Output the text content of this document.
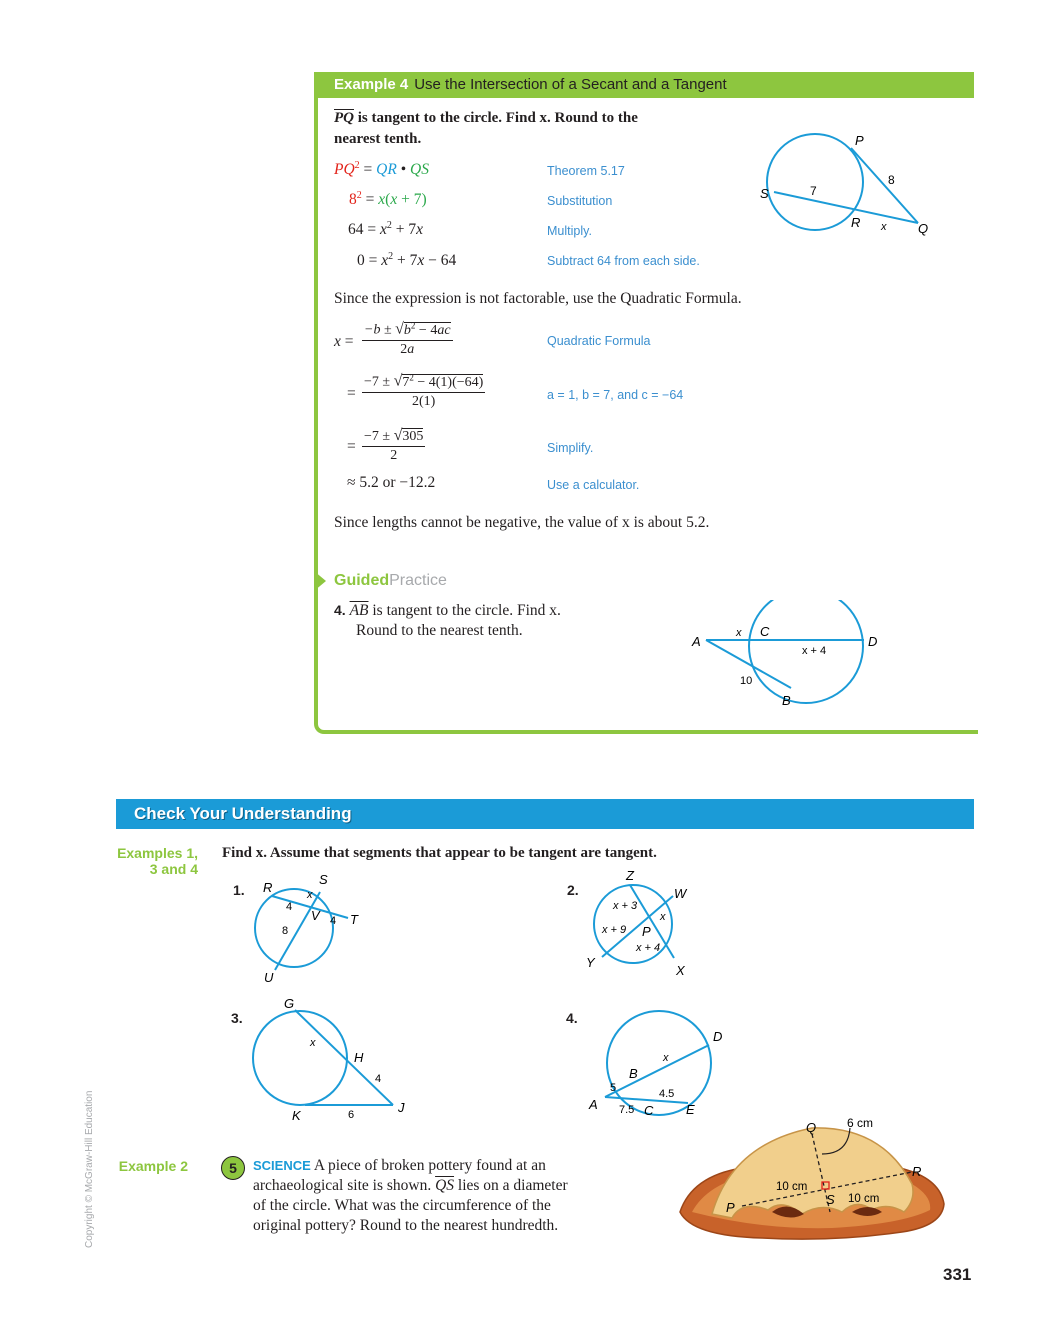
Example 4 Use the Intersection of a Secant and a Tangent
$\overline{PQ}$ is tangent to the circle. Find x. Round to the
nearest tenth.
$PQ^2$ = QR • QS	Theorem 5.17
$8^2 = x(x + 7)$	Substitution
$64 = x^2 + 7x$	Multiply.
$0 = x^2 + 7x - 64$	Subtract 64 from each side.
Since the expression is not factorable, use the Quadratic Formula.
$x = \frac{-b \pm √b^2 - 4ac}{2a}$	Quadratic Formula
= $\frac{-7 \pm √7^2 - 4(1)(-64)}{2(1)}$	a = 1, b = 7, and c = −64
= $\frac{-7 \pm √305}{2}$	Simplify.
≈ 5.2 or −12.2	Use a calculator.
Since lengths cannot be negative, the value of x is about 5.2.
P
S
R	Q
7
8
x
GuidedPractice
4. $\overline{AB}$ is tangent to the circle. Find x.
Round to the nearest tenth.
A
C
D
B
x
x + 4
10
Check Your Understanding
Examples 1,
3 and 4
Find x. Assume that segments that appear to be tangent are tangent.
1. R
S
T
U
V
4
x
4
8
2.
Z
W
Y
X
P
x + 3
x
x + 9
x + 4
3.
G
H
K
J
x
4
6
4.
A
B
C
D
E
x
5	4.5
7.5
Example 2	5	SCIENCE A piece of broken pottery found at an
archaeological site is shown. $\overline{QS}$ lies on a diameter
of the circle. What was the circumference of the
original pottery? Round to the nearest hundredth.
Q	6 cm
R
P
S
10 cm
10 cm
Copyright © McGraw-Hill Education
331
